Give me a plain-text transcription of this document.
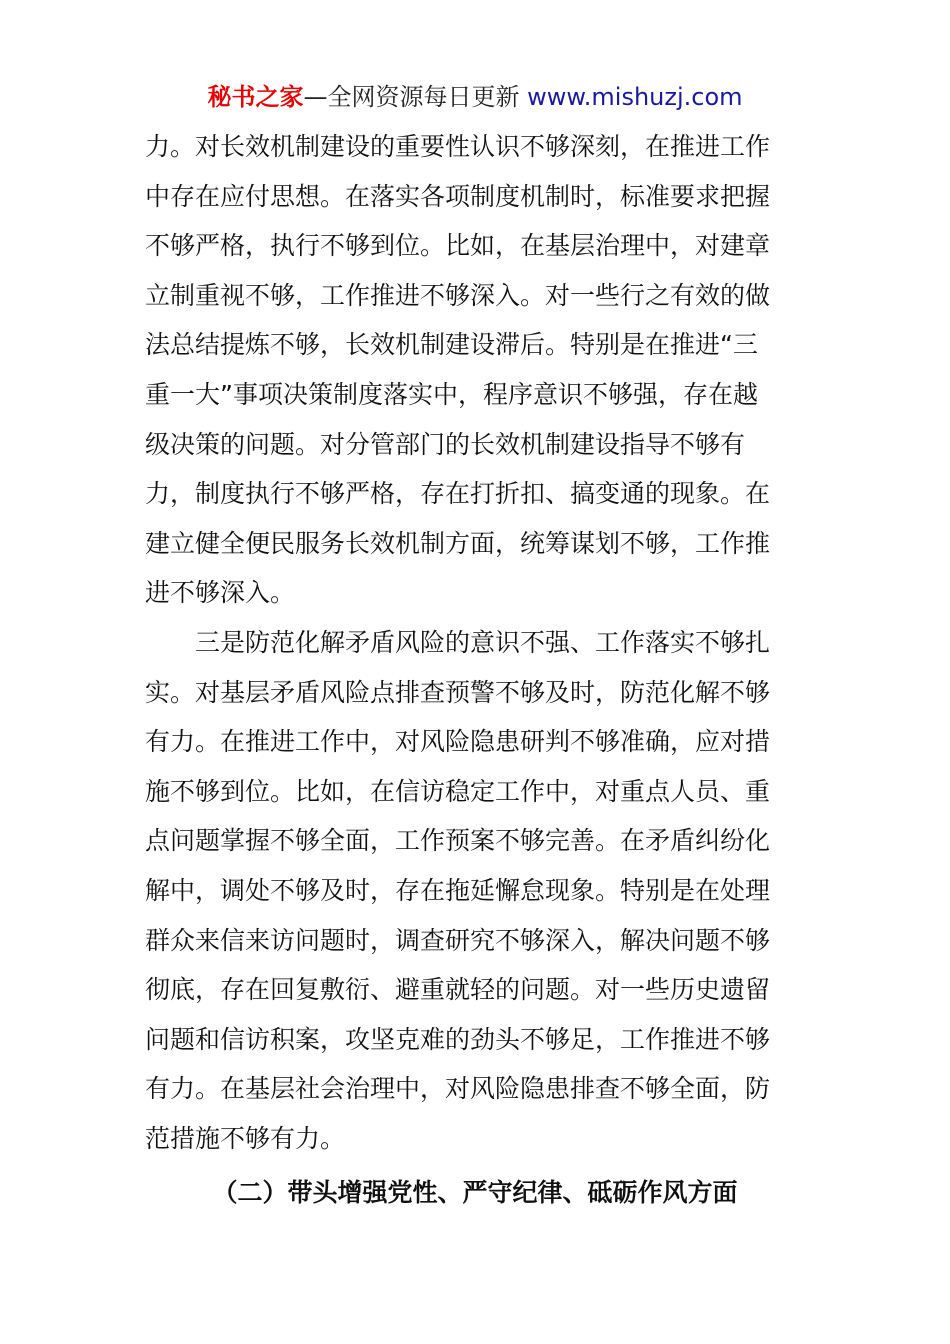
秘书之家—全网资源每日更新 www.mishuzj.com
力。对长效机制建设的重要性认识不够深刻，在推进工作
中存在应付思想。在落实各项制度机制时，标准要求把握
不够严格，执行不够到位。比如，在基层治理中，对建章
立制重视不够，工作推进不够深入。对一些行之有效的做
法总结提炼不够，长效机制建设滞后。特别是在推进“三
重一大”事项决策制度落实中，程序意识不够强，存在越
级决策的问题。对分管部门的长效机制建设指导不够有
力，制度执行不够严格，存在打折扣、搞变通的现象。在
建立健全便民服务长效机制方面，统筹谋划不够，工作推
进不够深入。
三是防范化解矛盾风险的意识不强、工作落实不够扎
实。对基层矛盾风险点排查预警不够及时，防范化解不够
有力。在推进工作中，对风险隐患研判不够准确，应对措
施不够到位。比如，在信访稳定工作中，对重点人员、重
点问题掌握不够全面，工作预案不够完善。在矛盾纠纷化
解中，调处不够及时，存在拖延懈怠现象。特别是在处理
群众来信来访问题时，调查研究不够深入，解决问题不够
彻底，存在回复敷衍、避重就轻的问题。对一些历史遗留
问题和信访积案，攻坚克难的劲头不够足，工作推进不够
有力。在基层社会治理中，对风险隐患排查不够全面，防
范措施不够有力。
（二）带头增强党性、严守纪律、砥砺作风方面
